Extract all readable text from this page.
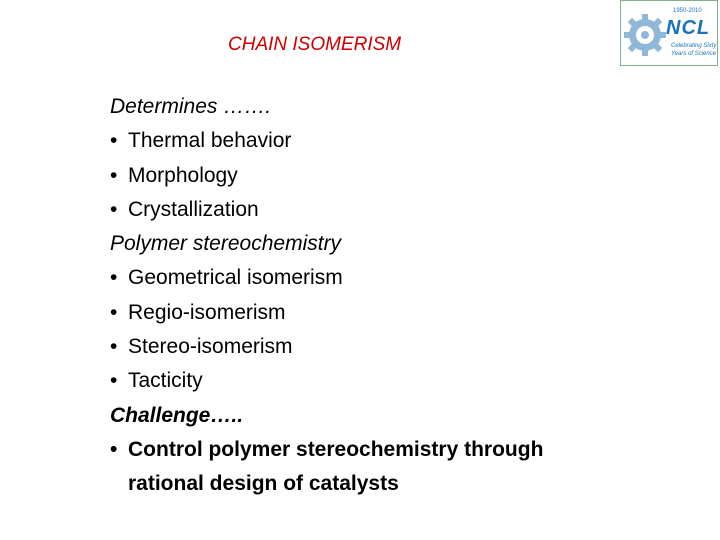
CHAIN ISOMERISM
1950-2010
NCL
Celebrating Sixty
Years of Science
Determines …….
• Thermal behavior
• Morphology
• Crystallization
Polymer stereochemistry
• Geometrical isomerism
• Regio-isomerism
• Stereo-isomerism
• Tacticity
Challenge…..
• Control polymer stereochemistry through
rational design of catalysts
